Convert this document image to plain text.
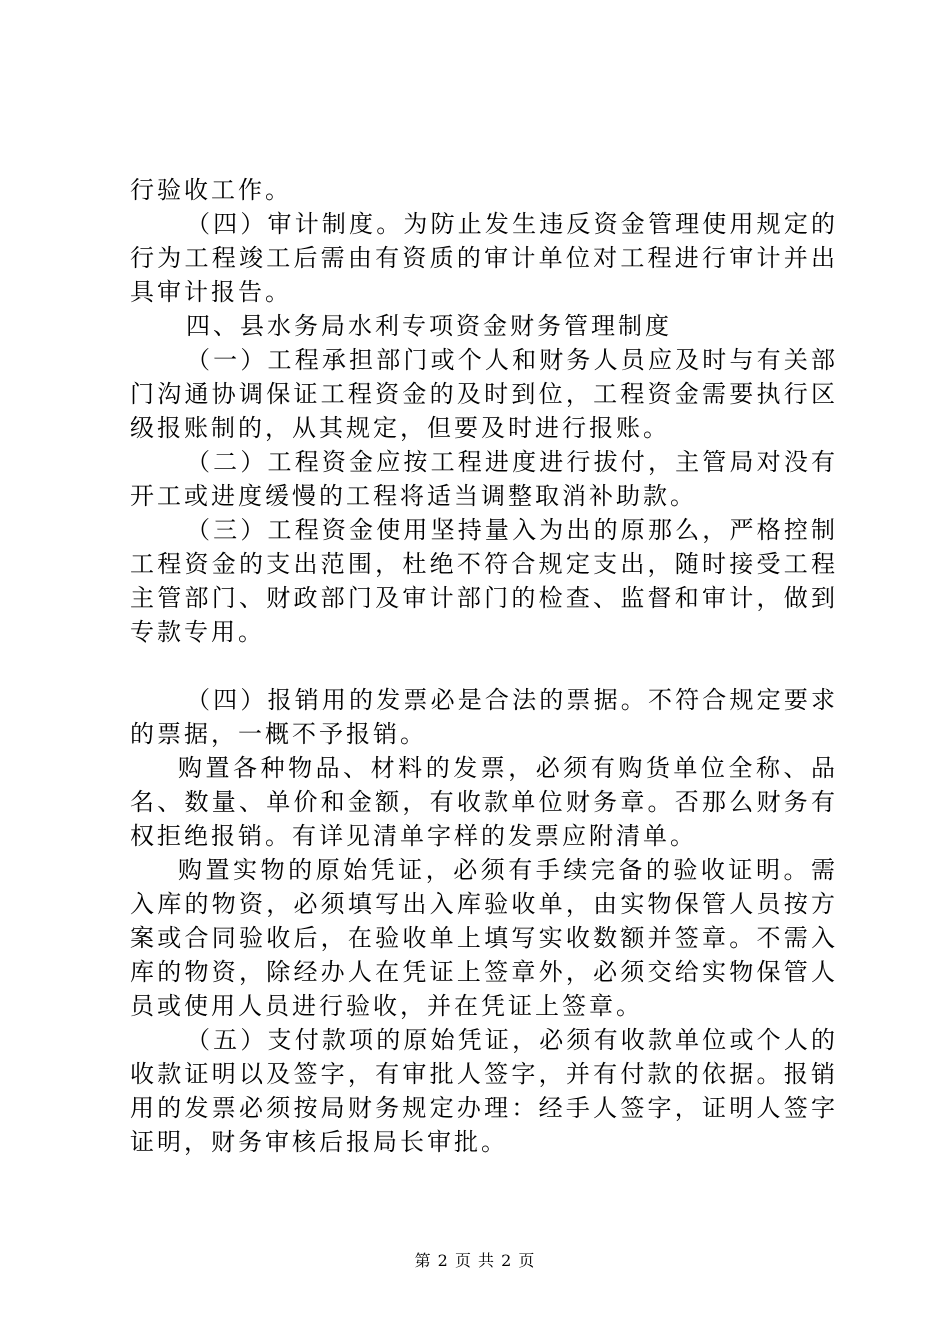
行验收工作。

（四）审计制度。为防止发生违反资金管理使用规定的行为工程竣工后需由有资质的审计单位对工程进行审计并出具审计报告。

四、县水务局水利专项资金财务管理制度

（一）工程承担部门或个人和财务人员应及时与有关部门沟通协调保证工程资金的及时到位，工程资金需要执行区级报账制的，从其规定，但要及时进行报账。

（二）工程资金应按工程进度进行拔付，主管局对没有开工或进度缓慢的工程将适当调整取消补助款。

（三）工程资金使用坚持量入为出的原那么，严格控制工程资金的支出范围，杜绝不符合规定支出，随时接受工程主管部门、财政部门及审计部门的检查、监督和审计，做到专款专用。

（四）报销用的发票必是合法的票据。不符合规定要求的票据，一概不予报销。

购置各种物品、材料的发票，必须有购货单位全称、品名、数量、单价和金额，有收款单位财务章。否那么财务有权拒绝报销。有详见清单字样的发票应附清单。

购置实物的原始凭证，必须有手续完备的验收证明。需入库的物资，必须填写出入库验收单，由实物保管人员按方案或合同验收后，在验收单上填写实收数额并签章。不需入库的物资，除经办人在凭证上签章外，必须交给实物保管人员或使用人员进行验收，并在凭证上签章。

（五）支付款项的原始凭证，必须有收款单位或个人的收款证明以及签字，有审批人签字，并有付款的依据。报销用的发票必须按局财务规定办理：经手人签字，证明人签字证明，财务审核后报局长审批。

第 2 页 共 2 页
